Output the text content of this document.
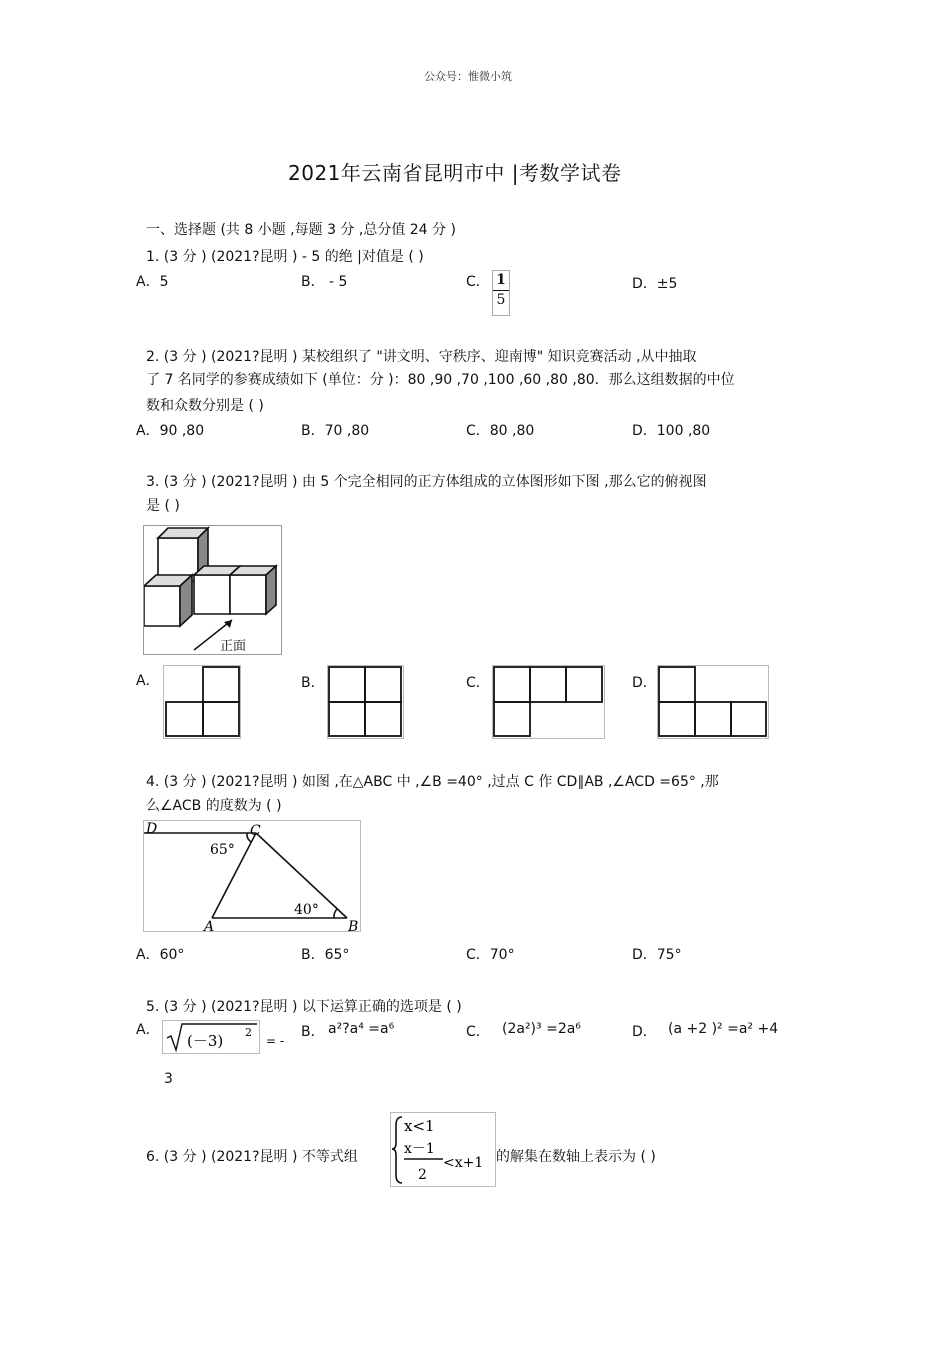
公众号：惟微小筑
2021年云南省昆明市中 |考数学试卷
一、选择题 (共 8 小题 ,每题 3 分 ,总分值 24 分 )
1. (3 分 ) (2021?昆明 ) - 5 的绝 |对值是 ( )
A．5	B． - 5	C． $\frac{1}{5}$	D．±5
2. (3 分 ) (2021?昆明 ) 某校组织了 "讲文明、守秩序、迎南博" 知识竞赛活动 ,从中抽取
了 7 名同学的参赛成绩如下 (单位：分 )：80 ,90 ,70 ,100 ,60 ,80 ,80．那么这组数据的中位
数和众数分别是 ( )
A．90 ,80	B．70 ,80	C．80 ,80	D．100 ,80
3. (3 分 ) (2021?昆明 ) 由 5 个完全相同的正方体组成的立体图形如下图 ,那么它的俯视图
是 ( )
正面
A．	B．	C．	D．
4. (3 分 ) (2021?昆明 ) 如图 ,在△ABC 中 ,∠B =40° ,过点 C 作 CD∥AB ,∠ACD =65° ,那
么∠ACB 的度数为 ( )
D	C
A	B
65°
40°
A．60°	B．65°	C．70°	D．75°
5. (3 分 ) (2021?昆明 ) 以下运算正确的选项是 ( )
A．
(－3) 2
= -
3
B． a²?a⁴ =a⁶	C． (2a²)³ =2a⁶	D． (a +2 )² =a² +4
6. (3 分 ) (2021?昆明 ) 不等式组
x<1
x－1
2
<x+1 的解集在数轴上表示为 ( )
